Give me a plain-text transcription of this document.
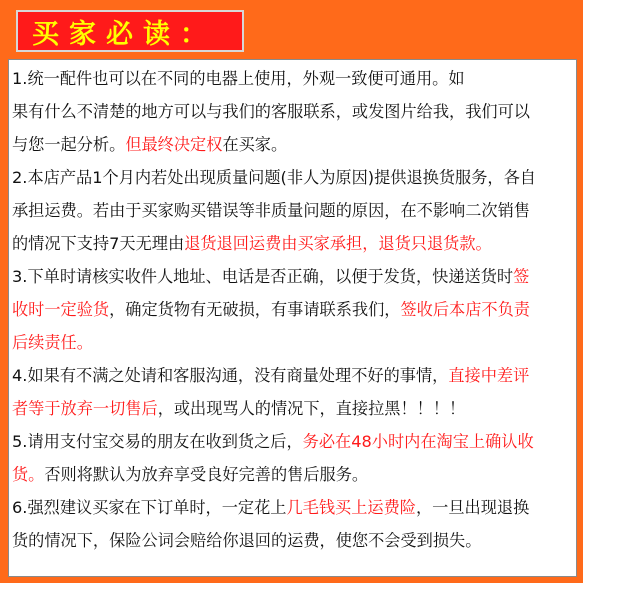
买家必读：
1.统一配件也可以在不同的电器上使用，外观一致便可通用。如
果有什么不清楚的地方可以与我们的客服联系，或发图片给我，我们可以
与您一起分析。但最终决定权在买家。
2.本店产品1个月内若处出现质量问题(非人为原因)提供退换货服务，各自
承担运费。若由于买家购买错误等非质量问题的原因，在不影响二次销售
的情况下支持7天无理由退货退回运费由买家承担，退货只退货款。
3.下单时请核实收件人地址、电话是否正确，以便于发货，快递送货时签
收时一定验货，确定货物有无破损，有事请联系我们，签收后本店不负责
后续责任。
4.如果有不满之处请和客服沟通，没有商量处理不好的事情，直接中差评
者等于放弃一切售后，或出现骂人的情况下，直接拉黑！！！！
5.请用支付宝交易的朋友在收到货之后，务必在48小时内在淘宝上确认收
货。否则将默认为放弃享受良好完善的售后服务。
6.强烈建议买家在下订单时，一定花上几毛钱买上运费险，一旦出现退换
货的情况下，保险公词会赔给你退回的运费，使您不会受到损失。
